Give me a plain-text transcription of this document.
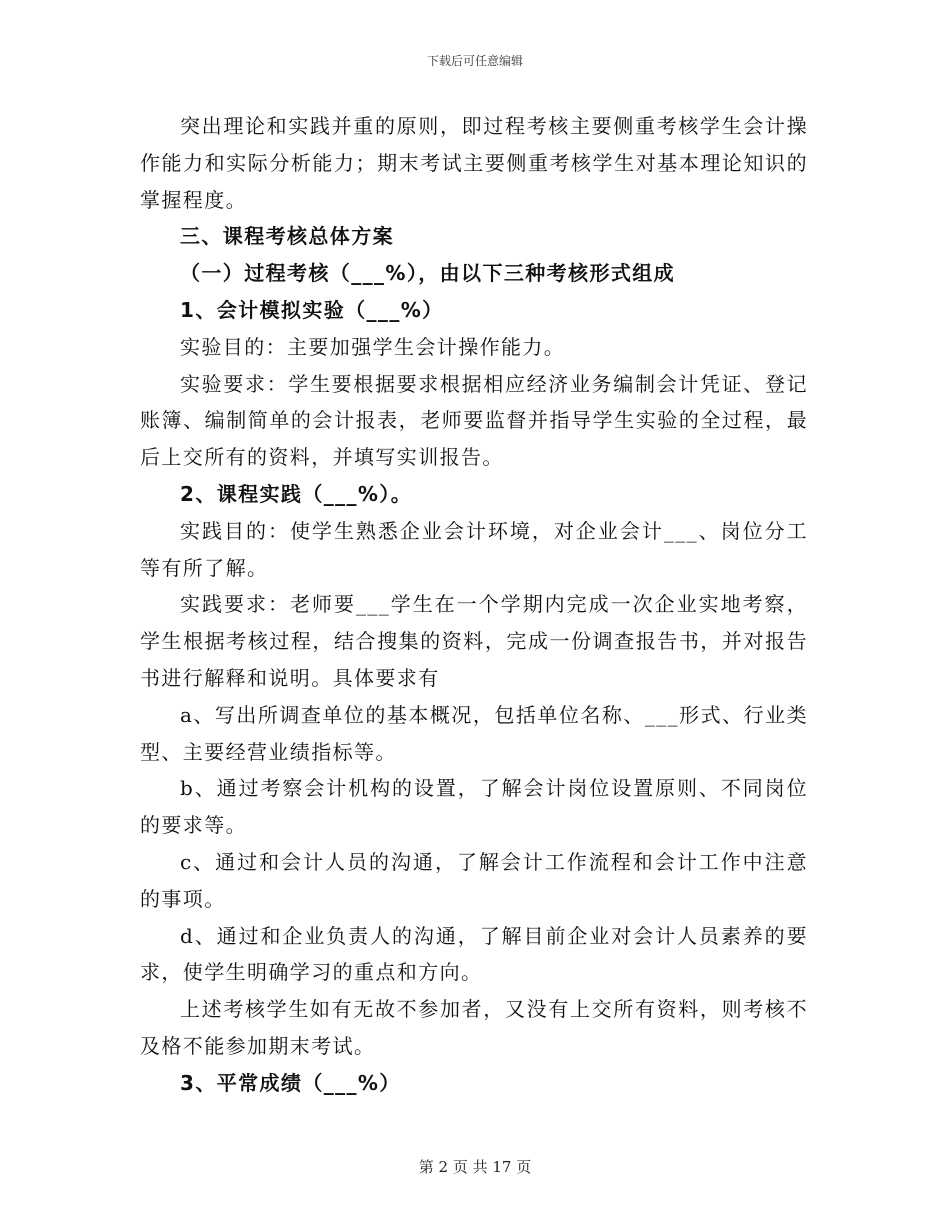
下载后可任意编辑

突出理论和实践并重的原则，即过程考核主要侧重考核学生会计操作能力和实际分析能力；期末考试主要侧重考核学生对基本理论知识的掌握程度。

三、课程考核总体方案

（一）过程考核（___%），由以下三种考核形式组成

1、会计模拟实验（___%）

实验目的：主要加强学生会计操作能力。

实验要求：学生要根据要求根据相应经济业务编制会计凭证、登记账簿、编制简单的会计报表，老师要监督并指导学生实验的全过程，最后上交所有的资料，并填写实训报告。

2、课程实践（___%）。

实践目的：使学生熟悉企业会计环境，对企业会计___、岗位分工等有所了解。

实践要求：老师要___学生在一个学期内完成一次企业实地考察，学生根据考核过程，结合搜集的资料，完成一份调查报告书，并对报告书进行解释和说明。具体要求有

a、写出所调查单位的基本概况，包括单位名称、___形式、行业类型、主要经营业绩指标等。

b、通过考察会计机构的设置，了解会计岗位设置原则、不同岗位的要求等。

c、通过和会计人员的沟通，了解会计工作流程和会计工作中注意的事项。

d、通过和企业负责人的沟通，了解目前企业对会计人员素养的要求，使学生明确学习的重点和方向。

上述考核学生如有无故不参加者，又没有上交所有资料，则考核不及格不能参加期末考试。

3、平常成绩（___%）

第 2 页 共 17 页
